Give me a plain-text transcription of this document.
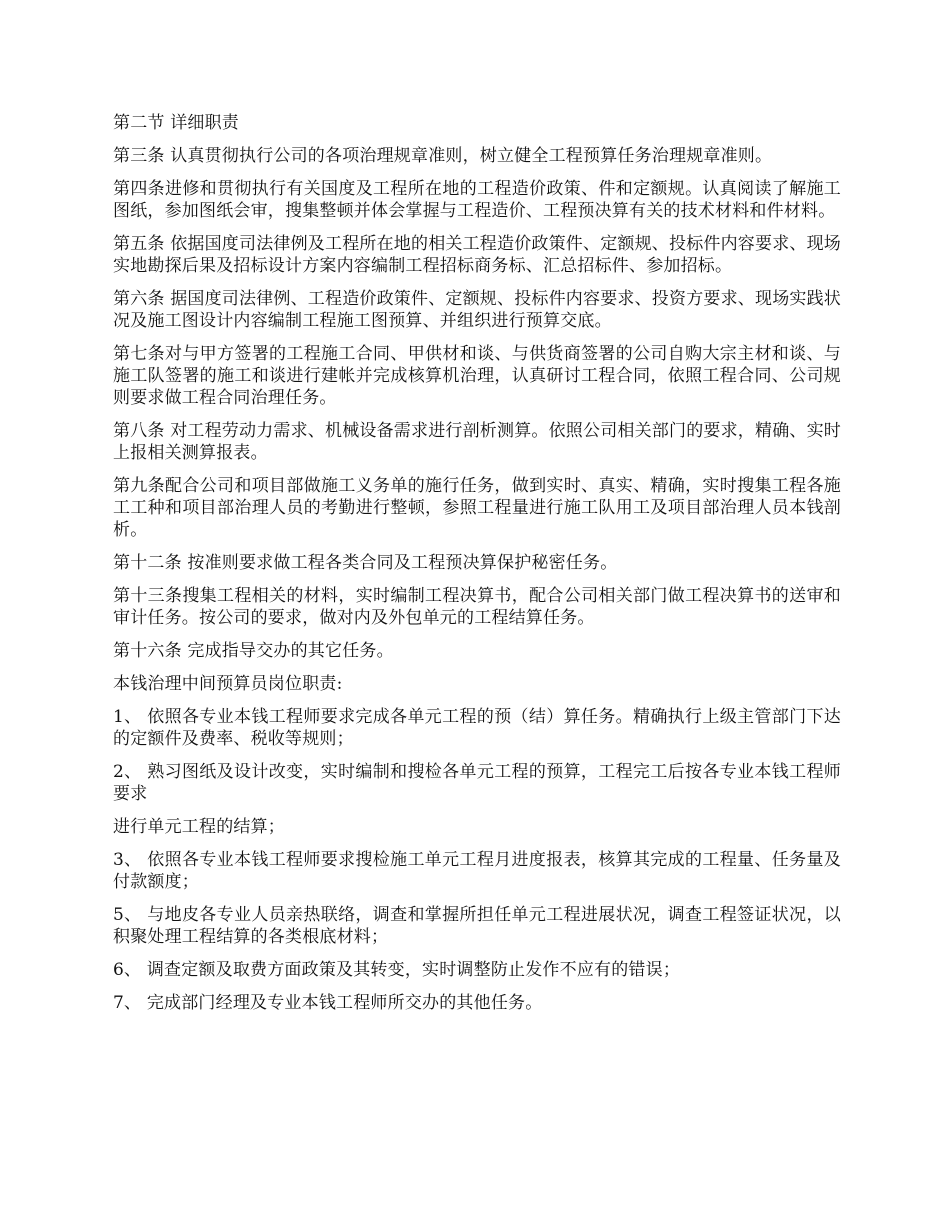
第二节 详细职责

第三条 认真贯彻执行公司的各项治理规章准则，树立健全工程预算任务治理规章准则。

第四条进修和贯彻执行有关国度及工程所在地的工程造价政策、件和定额规。认真阅读了解施工图纸，参加图纸会审，搜集整顿并体会掌握与工程造价、工程预决算有关的技术材料和件材料。

第五条 依据国度司法律例及工程所在地的相关工程造价政策件、定额规、投标件内容要求、现场实地勘探后果及招标设计方案内容编制工程招标商务标、汇总招标件、参加招标。

第六条 据国度司法律例、工程造价政策件、定额规、投标件内容要求、投资方要求、现场实践状况及施工图设计内容编制工程施工图预算、并组织进行预算交底。

第七条对与甲方签署的工程施工合同、甲供材和谈、与供货商签署的公司自购大宗主材和谈、与施工队签署的施工和谈进行建帐并完成核算机治理，认真研讨工程合同，依照工程合同、公司规则要求做工程合同治理任务。

第八条 对工程劳动力需求、机械设备需求进行剖析测算。依照公司相关部门的要求，精确、实时上报相关测算报表。

第九条配合公司和项目部做施工义务单的施行任务，做到实时、真实、精确，实时搜集工程各施工工种和项目部治理人员的考勤进行整顿，参照工程量进行施工队用工及项目部治理人员本钱剖析。

第十二条 按准则要求做工程各类合同及工程预决算保护秘密任务。

第十三条搜集工程相关的材料，实时编制工程决算书，配合公司相关部门做工程决算书的送审和审计任务。按公司的要求，做对内及外包单元的工程结算任务。

第十六条 完成指导交办的其它任务。

本钱治理中间预算员岗位职责:

1、 依照各专业本钱工程师要求完成各单元工程的预（结）算任务。精确执行上级主管部门下达的定额件及费率、税收等规则；

2、 熟习图纸及设计改变，实时编制和搜检各单元工程的预算，工程完工后按各专业本钱工程师要求

进行单元工程的结算；

3、 依照各专业本钱工程师要求搜检施工单元工程月进度报表，核算其完成的工程量、任务量及付款额度；

5、 与地皮各专业人员亲热联络，调查和掌握所担任单元工程进展状况，调查工程签证状况，以积聚处理工程结算的各类根底材料；

6、 调查定额及取费方面政策及其转变，实时调整防止发作不应有的错误；

7、 完成部门经理及专业本钱工程师所交办的其他任务。
